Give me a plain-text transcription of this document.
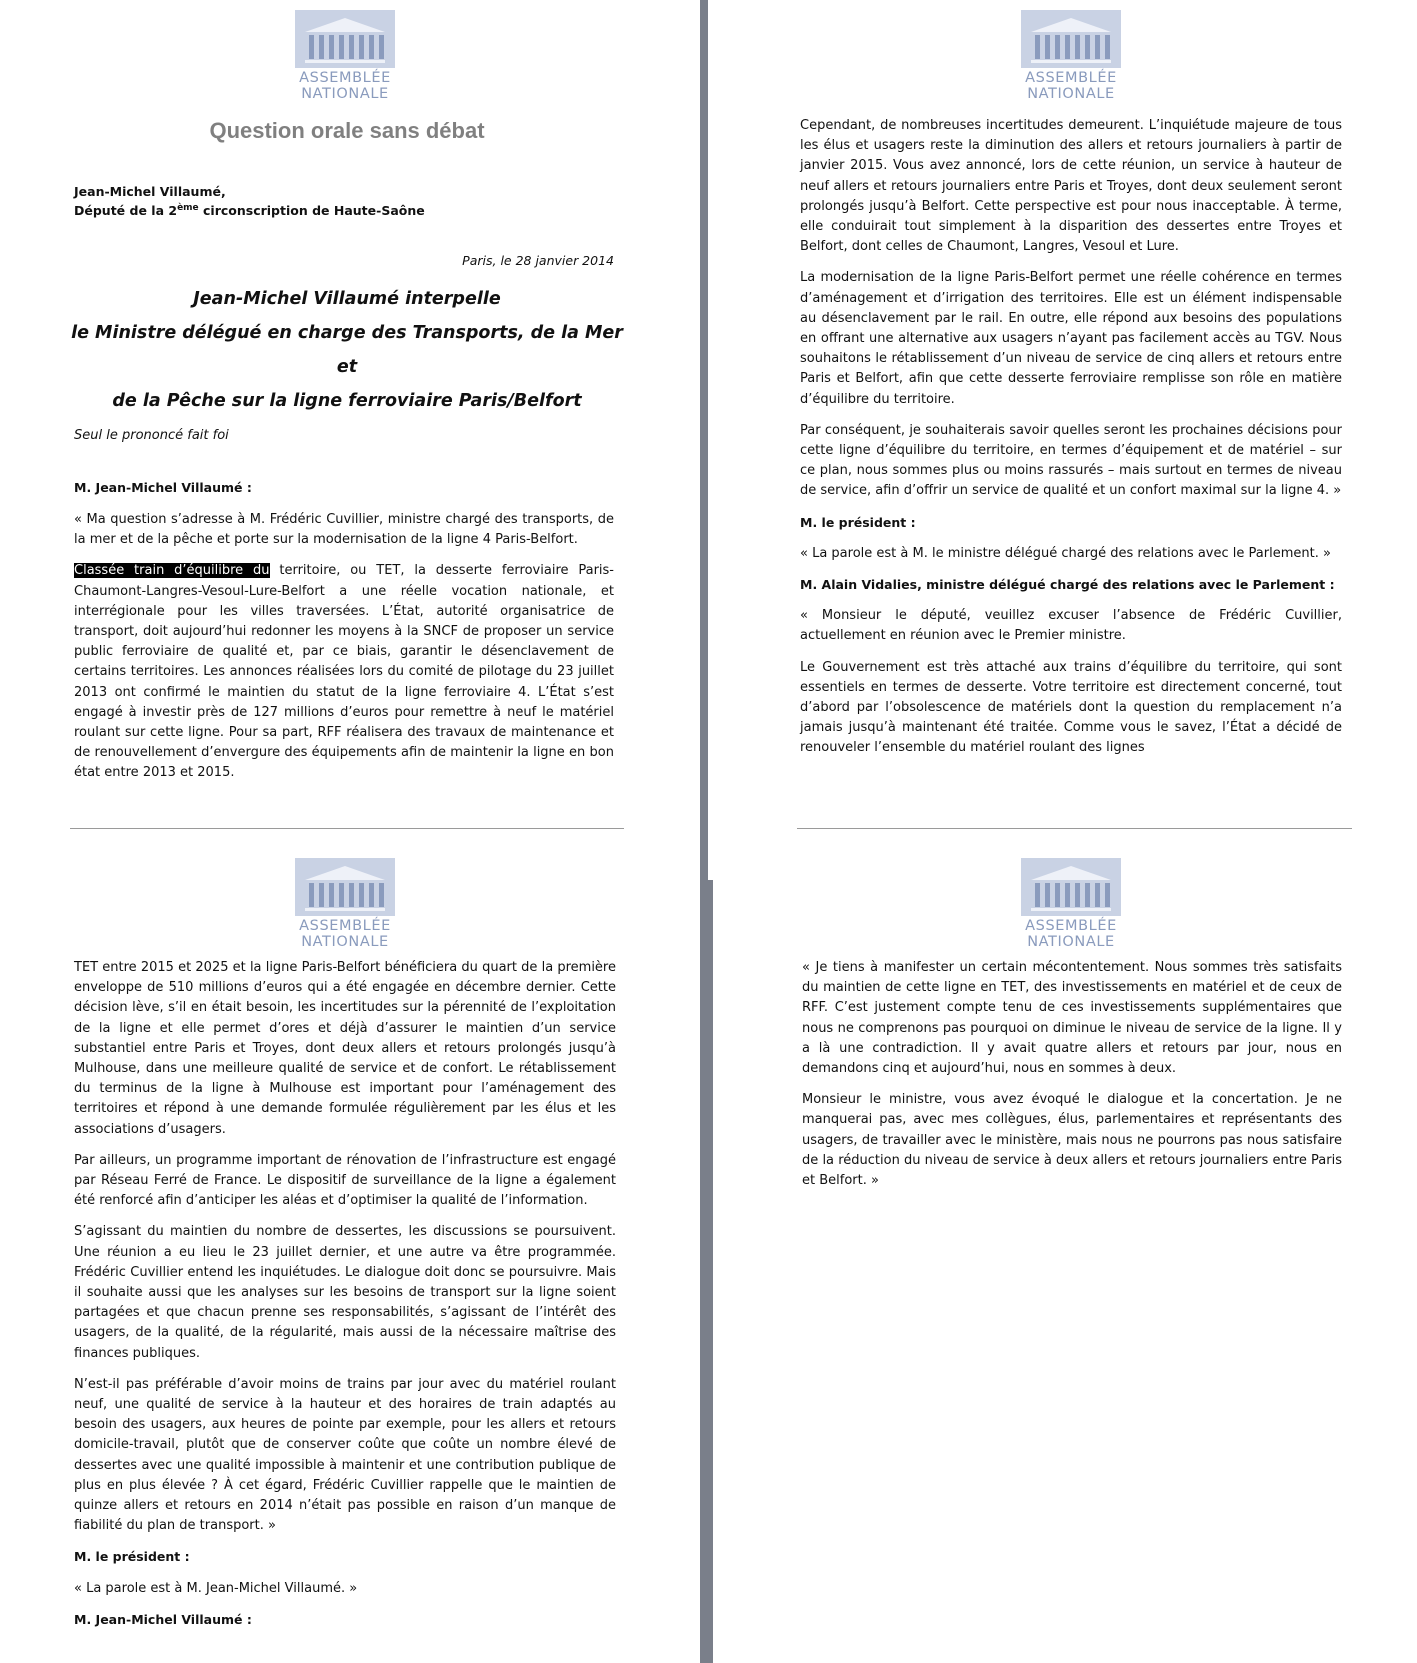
ASSEMBLÉE
NATIONALE
ASSEMBLÉE
NATIONALE
ASSEMBLÉE
NATIONALE
ASSEMBLÉE
NATIONALE
Question orale sans débat
Jean-Michel Villaumé,
Député de la 2ème circonscription de Haute-Saône
Paris, le 28 janvier 2014
Jean-Michel Villaumé interpelle
le Ministre délégué en charge des Transports, de la Mer et
de la Pêche sur la ligne ferroviaire Paris/Belfort
Seul le prononcé fait foi
M. Jean-Michel Villaumé :

« Ma question s’adresse à M. Frédéric Cuvillier, ministre chargé des transports, de la mer et de la pêche et porte sur la modernisation de la ligne 4 Paris-Belfort.

Classée train d’équilibre du territoire, ou TET, la desserte ferroviaire Paris-Chaumont-Langres-Vesoul-Lure-Belfort a une réelle vocation nationale, et interrégionale pour les villes traversées. L’État, autorité organisatrice de transport, doit aujourd’hui redonner les moyens à la SNCF de proposer un service public ferroviaire de qualité et, par ce biais, garantir le désenclavement de certains territoires. Les annonces réalisées lors du comité de pilotage du 23 juillet 2013 ont confirmé le maintien du statut de la ligne ferroviaire 4. L’État s’est engagé à investir près de 127 millions d’euros pour remettre à neuf le matériel roulant sur cette ligne. Pour sa part, RFF réalisera des travaux de maintenance et de renouvellement d’envergure des équipements afin de maintenir la ligne en bon état entre 2013 et 2015.

Cependant, de nombreuses incertitudes demeurent. L’inquiétude majeure de tous les élus et usagers reste la diminution des allers et retours journaliers à partir de janvier 2015. Vous avez annoncé, lors de cette réunion, un service à hauteur de neuf allers et retours journaliers entre Paris et Troyes, dont deux seulement seront prolongés jusqu’à Belfort. Cette perspective est pour nous inacceptable. À terme, elle conduirait tout simplement à la disparition des dessertes entre Troyes et Belfort, dont celles de Chaumont, Langres, Vesoul et Lure.

La modernisation de la ligne Paris-Belfort permet une réelle cohérence en termes d’aménagement et d’irrigation des territoires. Elle est un élément indispensable au désenclavement par le rail. En outre, elle répond aux besoins des populations en offrant une alternative aux usagers n’ayant pas facilement accès au TGV. Nous souhaitons le rétablissement d’un niveau de service de cinq allers et retours entre Paris et Belfort, afin que cette desserte ferroviaire remplisse son rôle en matière d’équilibre du territoire.

Par conséquent, je souhaiterais savoir quelles seront les prochaines décisions pour cette ligne d’équilibre du territoire, en termes d’équipement et de matériel – sur ce plan, nous sommes plus ou moins rassurés – mais surtout en termes de niveau de service, afin d’offrir un service de qualité et un confort maximal sur la ligne 4. »

M. le président :

« La parole est à M. le ministre délégué chargé des relations avec le Parlement. »

M. Alain Vidalies, ministre délégué chargé des relations avec le Parlement :

« Monsieur le député, veuillez excuser l’absence de Frédéric Cuvillier, actuellement en réunion avec le Premier ministre.

Le Gouvernement est très attaché aux trains d’équilibre du territoire, qui sont essentiels en termes de desserte. Votre territoire est directement concerné, tout d’abord par l’obsolescence de matériels dont la question du remplacement n’a jamais jusqu’à maintenant été traitée. Comme vous le savez, l’État a décidé de renouveler l’ensemble du matériel roulant des lignes

TET entre 2015 et 2025 et la ligne Paris-Belfort bénéficiera du quart de la première enveloppe de 510 millions d’euros qui a été engagée en décembre dernier. Cette décision lève, s’il en était besoin, les incertitudes sur la pérennité de l’exploitation de la ligne et elle permet d’ores et déjà d’assurer le maintien d’un service substantiel entre Paris et Troyes, dont deux allers et retours prolongés jusqu’à Mulhouse, dans une meilleure qualité de service et de confort. Le rétablissement du terminus de la ligne à Mulhouse est important pour l’aménagement des territoires et répond à une demande formulée régulièrement par les élus et les associations d’usagers.

Par ailleurs, un programme important de rénovation de l’infrastructure est engagé par Réseau Ferré de France. Le dispositif de surveillance de la ligne a également été renforcé afin d’anticiper les aléas et d’optimiser la qualité de l’information.

S’agissant du maintien du nombre de dessertes, les discussions se poursuivent. Une réunion a eu lieu le 23 juillet dernier, et une autre va être programmée. Frédéric Cuvillier entend les inquiétudes. Le dialogue doit donc se poursuivre. Mais il souhaite aussi que les analyses sur les besoins de transport sur la ligne soient partagées et que chacun prenne ses responsabilités, s’agissant de l’intérêt des usagers, de la qualité, de la régularité, mais aussi de la nécessaire maîtrise des finances publiques.

N’est-il pas préférable d’avoir moins de trains par jour avec du matériel roulant neuf, une qualité de service à la hauteur et des horaires de train adaptés au besoin des usagers, aux heures de pointe par exemple, pour les allers et retours domicile-travail, plutôt que de conserver coûte que coûte un nombre élevé de dessertes avec une qualité impossible à maintenir et une contribution publique de plus en plus élevée ? À cet égard, Frédéric Cuvillier rappelle que le maintien de quinze allers et retours en 2014 n’était pas possible en raison d’un manque de fiabilité du plan de transport. »

M. le président :

« La parole est à M. Jean-Michel Villaumé. »

M. Jean-Michel Villaumé :

« Je tiens à manifester un certain mécontentement. Nous sommes très satisfaits du maintien de cette ligne en TET, des investissements en matériel et de ceux de RFF. C’est justement compte tenu de ces investissements supplémentaires que nous ne comprenons pas pourquoi on diminue le niveau de service de la ligne. Il y a là une contradiction. Il y avait quatre allers et retours par jour, nous en demandons cinq et aujourd’hui, nous en sommes à deux.

Monsieur le ministre, vous avez évoqué le dialogue et la concertation. Je ne manquerai pas, avec mes collègues, élus, parlementaires et représentants des usagers, de travailler avec le ministère, mais nous ne pourrons pas nous satisfaire de la réduction du niveau de service à deux allers et retours journaliers entre Paris et Belfort. »
